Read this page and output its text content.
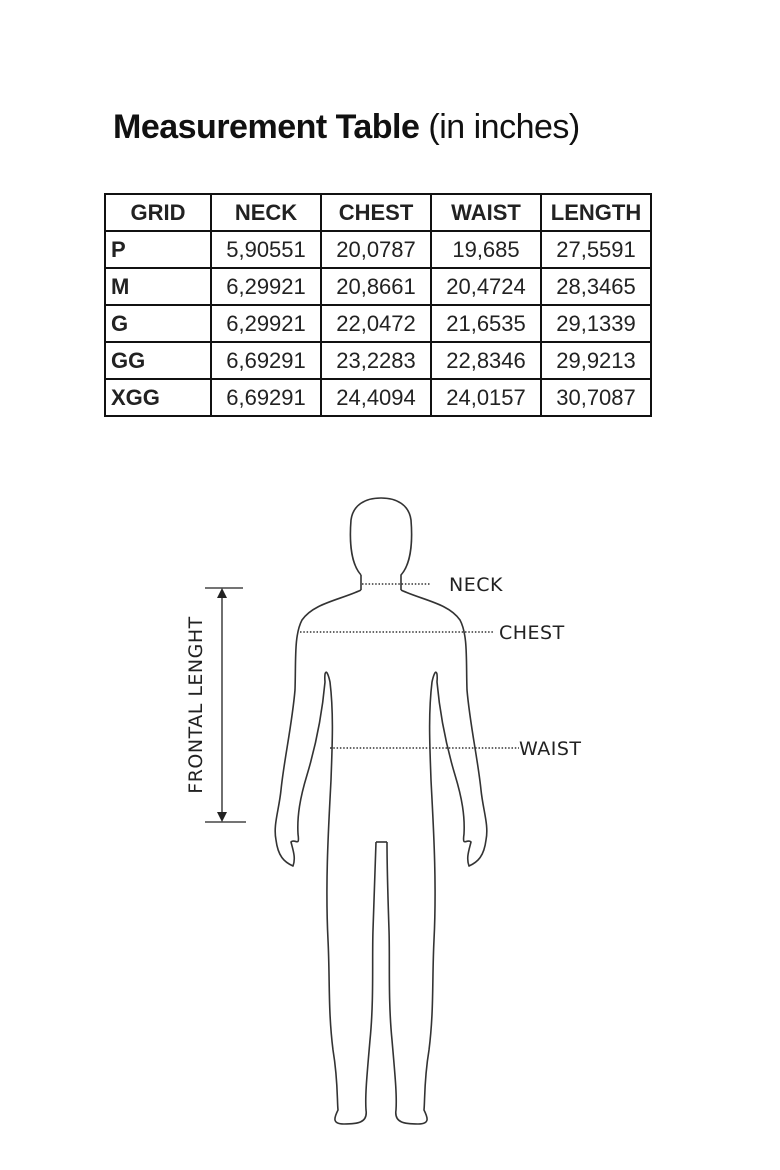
Measurement Table (in inches)
GRID	NECK	CHEST	WAIST	LENGTH
P	5,90551	20,0787	19,685	27,5591
M	6,29921	20,8661	20,4724	28,3465
G	6,29921	22,0472	21,6535	29,1339
GG	6,69291	23,2283	22,8346	29,9213
XGG	6,69291	24,4094	24,0157	30,7087
NECK
CHEST
WAIST
FRONTAL LENGHT
